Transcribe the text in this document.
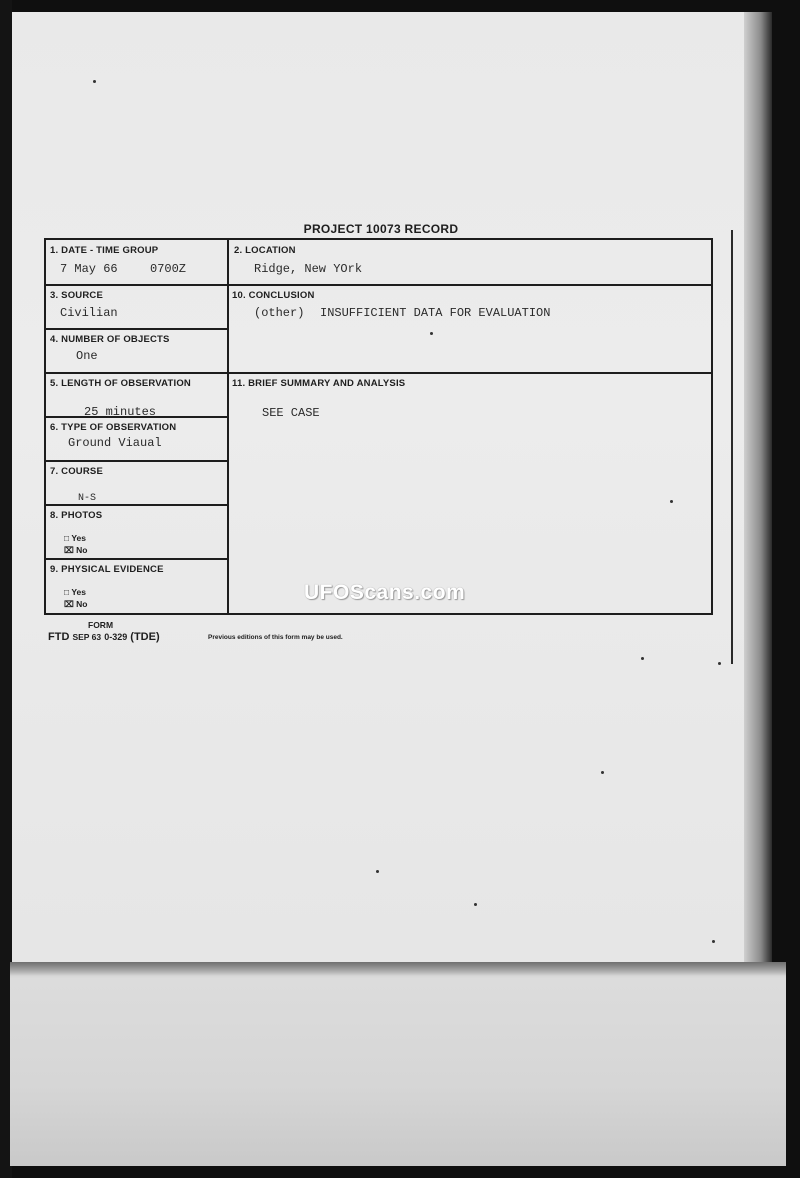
PROJECT 10073 RECORD
1. DATE - TIME GROUP
7 May 66	0700Z
2. LOCATION
Ridge, New YOrk
3. SOURCE
Civilian
10. CONCLUSION
(other) INSUFFICIENT DATA FOR EVALUATION
4. NUMBER OF OBJECTS
One
5. LENGTH OF OBSERVATION
25 minutes
11. BRIEF SUMMARY AND ANALYSIS
SEE CASE
6. TYPE OF OBSERVATION
Ground Viaual
7. COURSE
N-S
8. PHOTOS
□ Yes
⌧ No
9. PHYSICAL EVIDENCE
□ Yes
⌧ No
FORM
FTD SEP 63 0-329 (TDE)	Previous editions of this form may be used.
UFOScans.com
